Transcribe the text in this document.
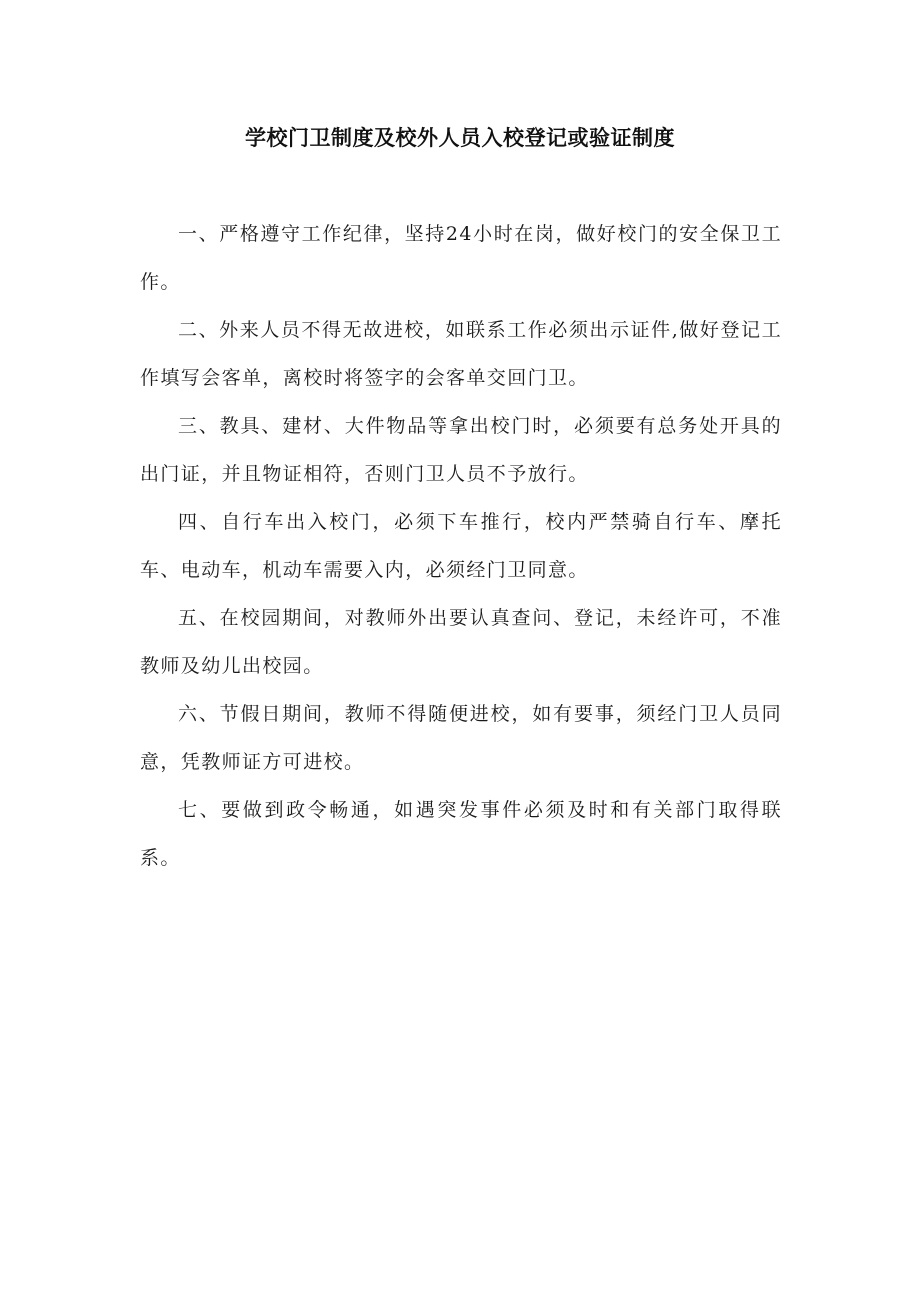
学校门卫制度及校外人员入校登记或验证制度

一、严格遵守工作纪律，坚持24小时在岗，做好校门的安全保卫工作。

二、外来人员不得无故进校，如联系工作必须出示证件,做好登记工作填写会客单，离校时将签字的会客单交回门卫。

三、教具、建材、大件物品等拿出校门时，必须要有总务处开具的出门证，并且物证相符，否则门卫人员不予放行。

四、自行车出入校门，必须下车推行，校内严禁骑自行车、摩托车、电动车，机动车需要入内，必须经门卫同意。

五、在校园期间，对教师外出要认真查问、登记，未经许可，不准教师及幼儿出校园。

六、节假日期间，教师不得随便进校，如有要事，须经门卫人员同意，凭教师证方可进校。

七、要做到政令畅通，如遇突发事件必须及时和有关部门取得联系。
